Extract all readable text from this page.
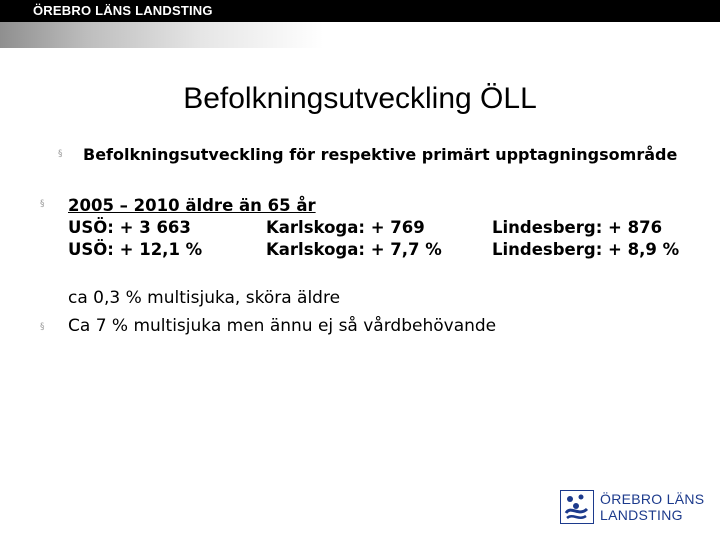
ÖREBRO LÄNS LANDSTING
Befolkningsutveckling ÖLL
§ Befolkningsutveckling för respektive primärt upptagningsområde
§ 2005 – 2010 äldre än 65 år
USÖ: + 3 663	Karlskoga: + 769	Lindesberg: + 876
USÖ: + 12,1 %	Karlskoga: + 7,7 %	Lindesberg: + 8,9 %
ca 0,3 % multisjuka, sköra äldre
§ Ca 7 % multisjuka men ännu ej så vårdbehövande
ÖREBRO LÄNS
LANDSTING
